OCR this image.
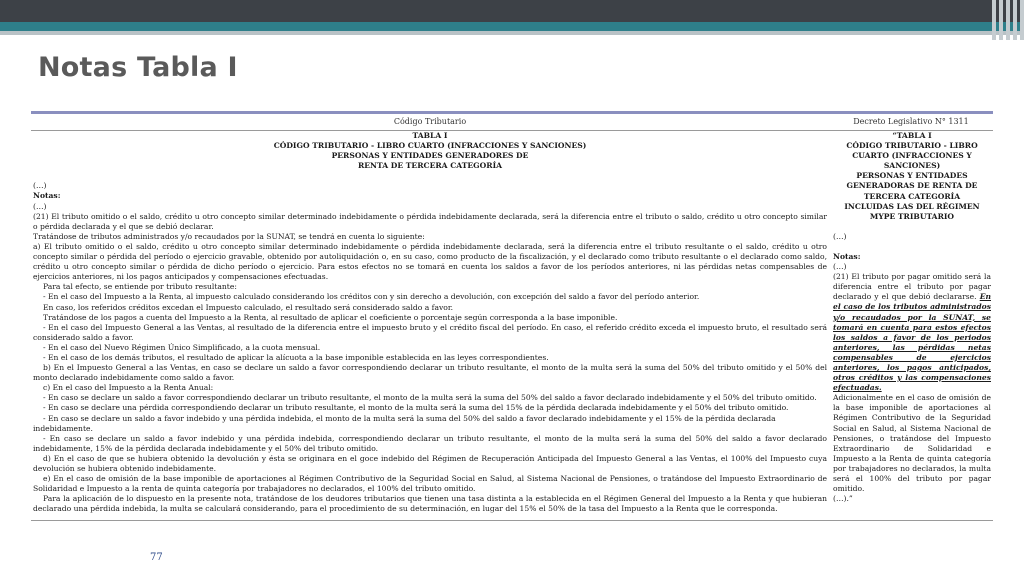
Notas Tabla I
Código Tributario	Decreto Legislativo N° 1311

TABLA I

CÓDIGO TRIBUTARIO - LIBRO CUARTO (INFRACCIONES Y SANCIONES)

PERSONAS Y ENTIDADES GENERADORES DE

RENTA DE TERCERA CATEGORÍA

(…)

Notas:

(…)

(21) El tributo omitido o el saldo, crédito u otro concepto similar determinado indebidamente o pérdida indebidamente declarada, será la diferencia entre el tributo o saldo, crédito u otro concepto similar o pérdida declarada y el que se debió declarar.

Tratándose de tributos administrados y/o recaudados por la SUNAT, se tendrá en cuenta lo siguiente:

a) El tributo omitido o el saldo, crédito u otro concepto similar determinado indebidamente o pérdida indebidamente declarada, será la diferencia entre el tributo resultante o el saldo, crédito u otro concepto similar o pérdida del período o ejercicio gravable, obtenido por autoliquidación o, en su caso, como producto de la fiscalización, y el declarado como tributo resultante o el declarado como saldo, crédito u otro concepto similar o pérdida de dicho período o ejercicio. Para estos efectos no se tomará en cuenta los saldos a favor de los períodos anteriores, ni las pérdidas netas compensables de ejercicios anteriores, ni los pagos anticipados y compensaciones efectuadas.

Para tal efecto, se entiende por tributo resultante:

- En el caso del Impuesto a la Renta, al impuesto calculado considerando los créditos con y sin derecho a devolución, con excepción del saldo a favor del período anterior.

En caso, los referidos créditos excedan el Impuesto calculado, el resultado será considerado saldo a favor.

Tratándose de los pagos a cuenta del Impuesto a la Renta, al resultado de aplicar el coeficiente o porcentaje según corresponda a la base imponible.

- En el caso del Impuesto General a las Ventas, al resultado de la diferencia entre el impuesto bruto y el crédito fiscal del período. En caso, el referido crédito exceda el impuesto bruto, el resultado será considerado saldo a favor.

- En el caso del Nuevo Régimen Único Simplificado, a la cuota mensual.

- En el caso de los demás tributos, el resultado de aplicar la alícuota a la base imponible establecida en las leyes correspondientes.

b) En el Impuesto General a las Ventas, en caso se declare un saldo a favor correspondiendo declarar un tributo resultante, el monto de la multa será la suma del 50% del tributo omitido y el 50% del monto declarado indebidamente como saldo a favor.

c) En el caso del Impuesto a la Renta Anual:

- En caso se declare un saldo a favor correspondiendo declarar un tributo resultante, el monto de la multa será la suma del 50% del saldo a favor declarado indebidamente y el 50% del tributo omitido.

- En caso se declare una pérdida correspondiendo declarar un tributo resultante, el monto de la multa será la suma del 15% de la pérdida declarada indebidamente y el 50% del tributo omitido.

- En caso se declare un saldo a favor indebido y una pérdida indebida, el monto de la multa será la suma del 50% del saldo a favor declarado indebidamente y el 15% de la pérdida declarada indebidamente.

- En caso se declare un saldo a favor indebido y una pérdida indebida, correspondiendo declarar un tributo resultante, el monto de la multa será la suma del 50% del saldo a favor declarado indebidamente, 15% de la pérdida declarada indebidamente y el 50% del tributo omitido.

d) En el caso de que se hubiera obtenido la devolución y ésta se originara en el goce indebido del Régimen de Recuperación Anticipada del Impuesto General a las Ventas, el 100% del Impuesto cuya devolución se hubiera obtenido indebidamente.

e) En el caso de omisión de la base imponible de aportaciones al Régimen Contributivo de la Seguridad Social en Salud, al Sistema Nacional de Pensiones, o tratándose del Impuesto Extraordinario de Solidaridad e Impuesto a la renta de quinta categoría por trabajadores no declarados, el 100% del tributo omitido.

Para la aplicación de lo dispuesto en la presente nota, tratándose de los deudores tributarios que tienen una tasa distinta a la establecida en el Régimen General del Impuesto a la Renta y que hubieran declarado una pérdida indebida, la multa se calculará considerando, para el procedimiento de su determinación, en lugar del 15% el 50% de la tasa del Impuesto a la Renta que le corresponda.

“TABLA I

CÓDIGO TRIBUTARIO - LIBRO CUARTO (INFRACCIONES Y SANCIONES)

PERSONAS Y ENTIDADES GENERADORAS DE RENTA DE TERCERA CATEGORÍA

INCLUIDAS LAS DEL RÉGIMEN MYPE TRIBUTARIO

(…)

Notas:

(…)

(21) El tributo por pagar omitido será la diferencia entre el tributo por pagar declarado y el que debió declararse. En el caso de los tributos administrados y/o recaudados por la SUNAT, se tomará en cuenta para estos efectos los saldos a favor de los periodos anteriores, las pérdidas netas compensables de ejercicios anteriores, los pagos anticipados, otros créditos y las compensaciones efectuadas.

Adicionalmente en el caso de omisión de la base imponible de aportaciones al Régimen Contributivo de la Seguridad Social en Salud, al Sistema Nacional de Pensiones, o tratándose del Impuesto Extraordinario de Solidaridad e Impuesto a la Renta de quinta categoría por trabajadores no declarados, la multa será el 100% del tributo por pagar omitido.

(…).”

77
